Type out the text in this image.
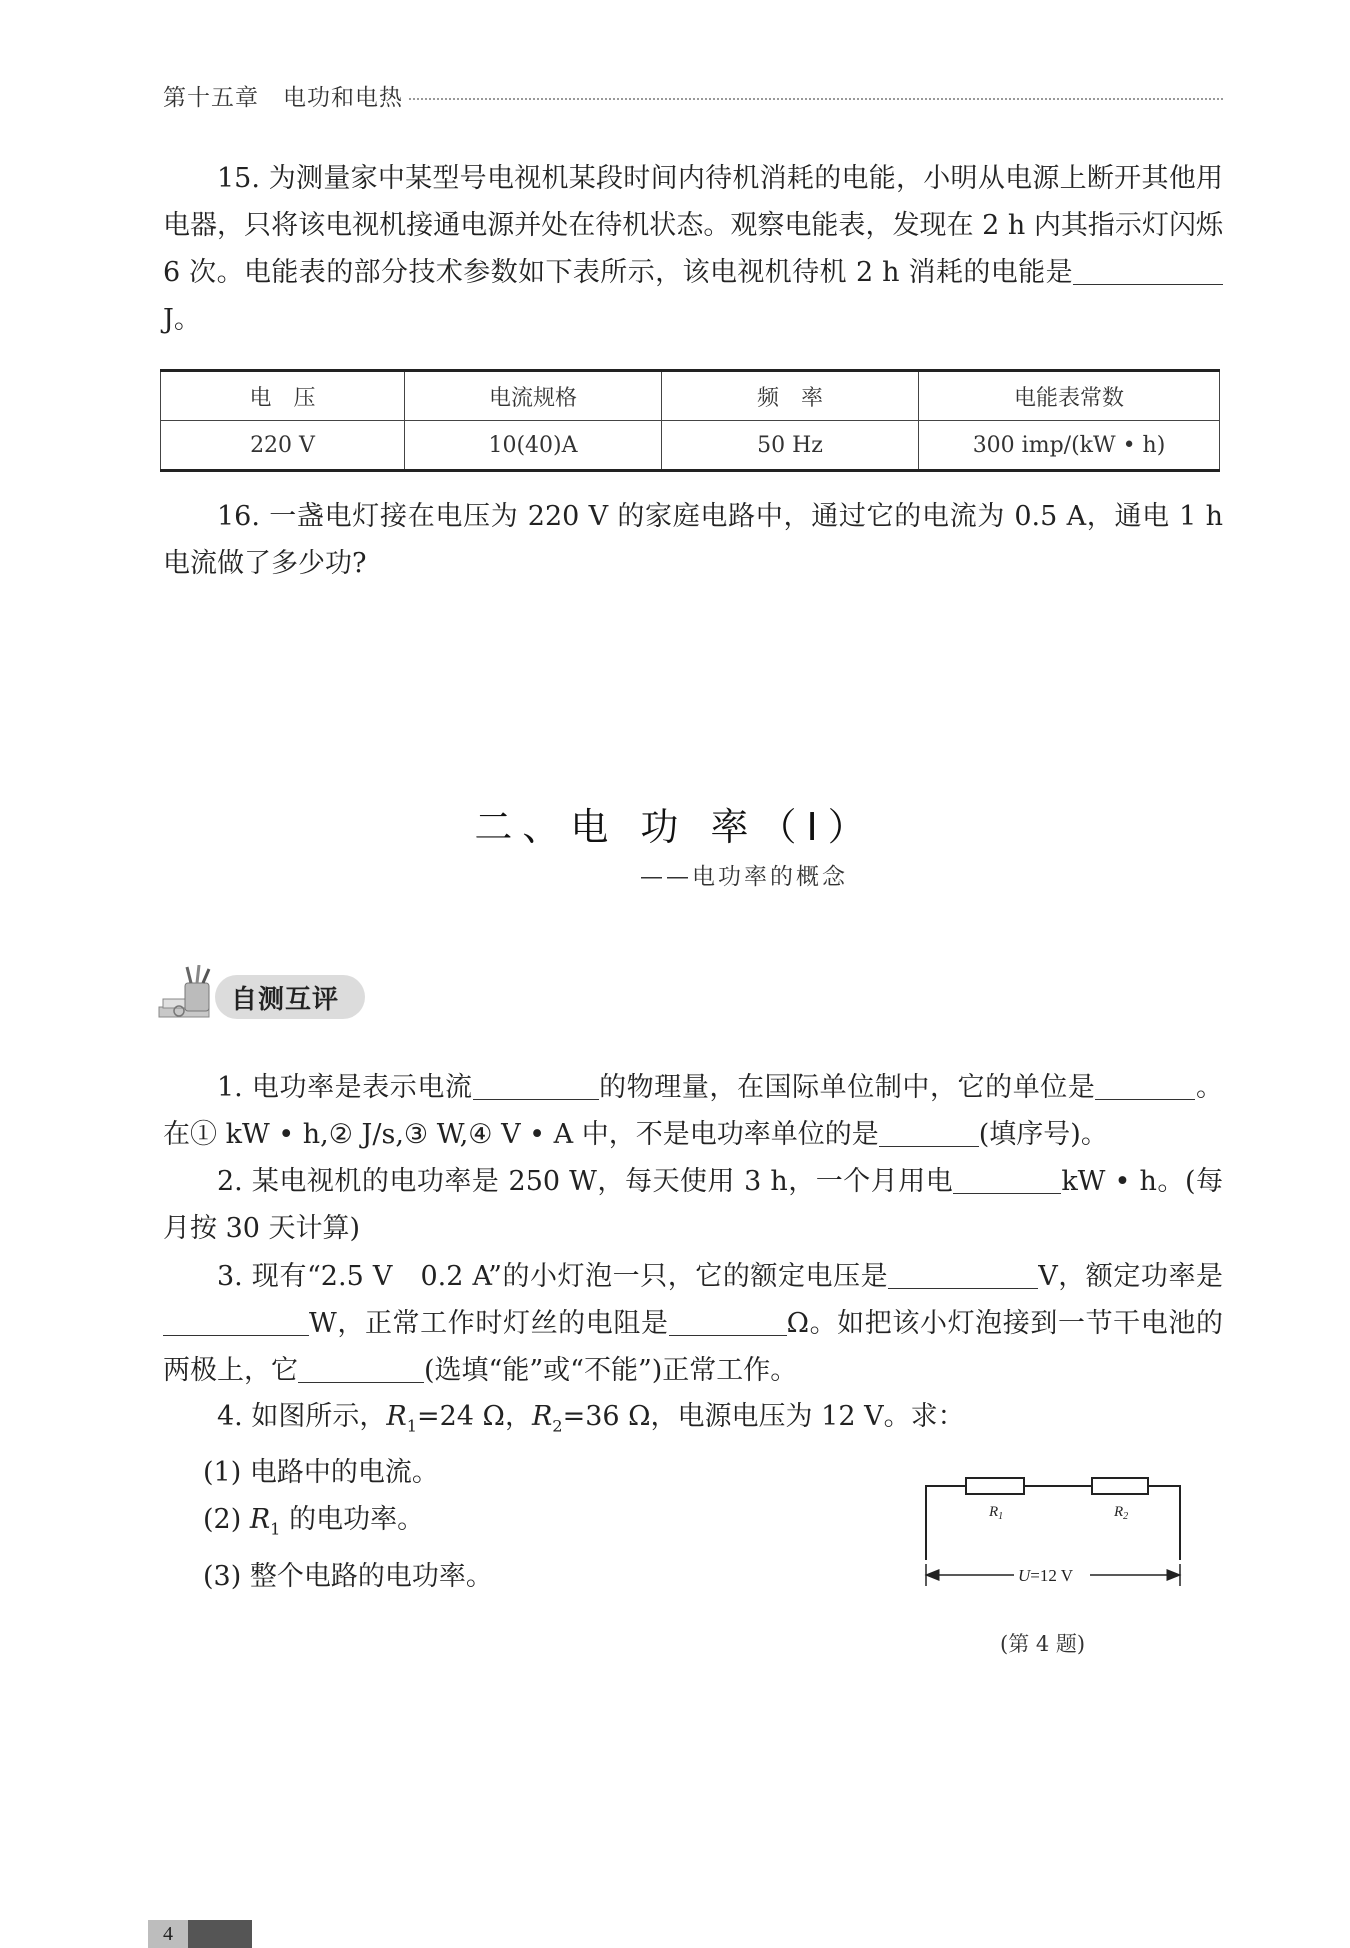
第十五章　电功和电热
15. 为测量家中某型号电视机某段时间内待机消耗的电能，小明从电源上断开其他用电器，只将该电视机接通电源并处在待机状态。观察电能表，发现在 2 h 内其指示灯闪烁 6 次。电能表的部分技术参数如下表所示，该电视机待机 2 h 消耗的电能是J。
电　压	电流规格	频　率	电能表常数
220 V	10(40)A	50 Hz	300 imp/(kW • h)
16. 一盏电灯接在电压为 220 V 的家庭电路中，通过它的电流为 0.5 A，通电 1 h 电流做了多少功?
二、电 功 率（Ⅰ）
——电功率的概念
自测互评
1. 电功率是表示电流	的物理量，在国际单位制中，它的单位是	。在① kW • h,② J/s,③ W,④ V • A 中，不是电功率单位的是	(填序号)。
2. 某电视机的电功率是 250 W，每天使用 3 h，一个月用电	kW • h。(每月按 30 天计算)
3. 现有“2.5 V　0.2 A”的小灯泡一只，它的额定电压是	V，额定功率是W，正常工作时灯丝的电阻是	Ω。如把该小灯泡接到一节干电池的两极上，它	(选填“能”或“不能”)正常工作。
4. 如图所示，$R_1=24$ Ω，$R_2=36$ Ω，电源电压为 12 V。求：
(1) 电路中的电流。
(2) $R_1$ 的电功率。
(3) 整个电路的电功率。
$R_1$	$R_2$
U=12 V
(第 4 题)
4
